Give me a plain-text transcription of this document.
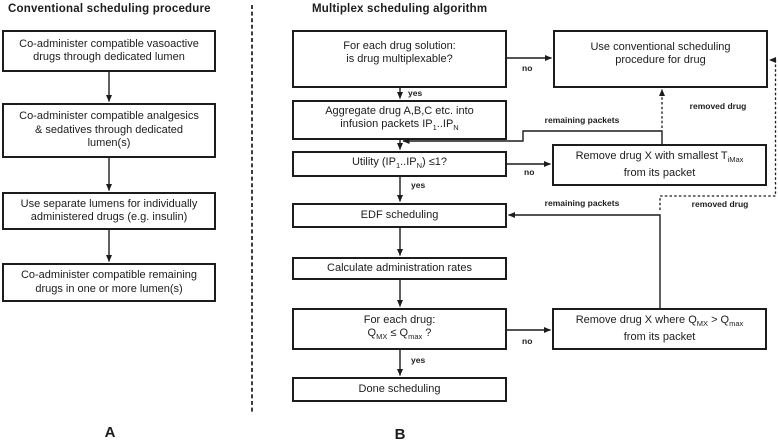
Conventional scheduling procedure
Co-administer compatible vasoactive
drugs through dedicated lumen
Co-administer compatible analgesics
& sedatives through dedicated
lumen(s)
Use separate lumens for individually
administered drugs (e.g. insulin)
Co-administer compatible remaining
drugs in one or more lumen(s)
A
Multiplex scheduling algorithm
For each drug solution:
is drug multiplexable?
Aggregate drug A,B,C etc. into
infusion packets $IP_1..IP_N$
Utility $(IP_1..IP_N) \le 1$?
EDF scheduling
Calculate administration rates
For each drug:
$Q_{MX} \le Q_{max}$ ?
Done scheduling
Use conventional scheduling
procedure for drug
Remove drug X with smallest $T_{iMax}$
from its packet
Remove drug X where $Q_{MX} > Q_{max}$
from its packet
yes
no
yes
no
yes
no
remaining packets
removed drug
remaining packets	removed drug
B
